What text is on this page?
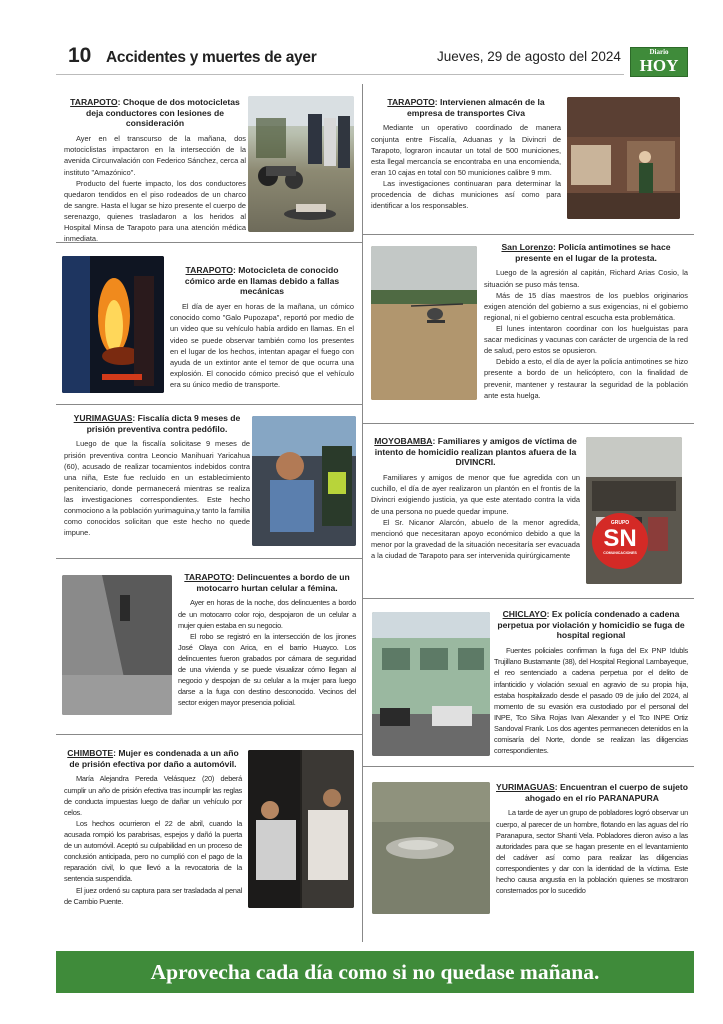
10 Accidentes y muertes de ayer	Jueves, 29 de agosto del 2024	Diario
HOY
TARAPOTO: Choque de dos motocicletas deja conductores con lesiones de consideración

Ayer en el transcurso de la mañana, dos motociclistas impactaron en la intersección de la avenida Circunvalación con Federico Sánchez, cerca al instituto "Amazónico".

Producto del fuerte impacto, los dos conductores quedaron tendidos en el piso rodeados de un charco de sangre. Hasta el lugar se hizo presente el cuerpo de serenazgo, quienes trasladaron a los heridos al Hospital Minsa de Tarapoto para una atención médica inmediata.

TARAPOTO: Motocicleta de conocido cómico arde en llamas debido a fallas mecánicas

El día de ayer en horas de la mañana, un cómico conocido como "Galo Pupozapa", reportó por medio de un video que su vehículo había ardido en llamas. En el video se puede observar también como los presentes en el lugar de los hechos, intentan apagar el fuego con ayuda de un extintor ante el temor de que ocurra una explosión. El conocido cómico precisó que el vehículo era su único medio de transporte.

YURIMAGUAS: Fiscalía dicta 9 meses de prisión preventiva contra pedófilo.

Luego de que la fiscalía solicitase 9 meses de prisión preventiva contra Leoncio Manihuari Yaricahua (60), acusado de realizar tocamientos indebidos contra una niña, Este fue recluido en un establecimiento penitenciario, donde permanecerá mientras se realiza las investigaciones correspondientes. Este hecho conmociono a la población yurimaguina,y tanto la familia como conocidos solicitan que este hecho no quede impune.

TARAPOTO: Delincuentes a bordo de un motocarro hurtan celular a fémina.

Ayer en horas de la noche, dos delincuentes a bordo de un motocarro color rojo, despojaron de un celular a mujer quien estaba en su negocio.

El robo se registró en la intersección de los jirones José Olaya con Arica, en el barrio Huayco. Los delincuentes fueron grabados por cámara de seguridad de una vivienda y se puede visualizar cómo llegan al negocio y despojan de su celular a la mujer para luego darse a la fuga con destino desconocido. Vecinos del sector exigen mayor presencia policial.

CHIMBOTE: Mujer es condenada a un año de prisión efectiva por daño a automóvil.

María Alejandra Pereda Velásquez (20) deberá cumplir un año de prisión efectiva tras incumplir las reglas de conducta impuestas luego de dañar un vehículo por celos.

Los hechos ocurrieron el 22 de abril, cuando la acusada rompió los parabrisas, espejos y dañó la puerta de un automóvil. Aceptó su culpabilidad en un proceso de conclusión anticipada, pero no cumplió con el pago de la reparación civil, lo que llevó a la revocatoria de la sentencia suspendida.

El juez ordenó su captura para ser trasladada al penal de Cambio Puente.

TARAPOTO: Intervienen almacén de la empresa de transportes Civa

Mediante un operativo coordinado de manera conjunta entre Fiscalía, Aduanas y la Divincri de Tarapoto, lograron incautar un total de 500 municiones, esta llegal mercancía se encontraba en una encomienda, eran 10 cajas en total con 50 municiones calibre 9 mm.

Las investigaciones continuaran para determinar la procedencia de dichas municiones así como para identificar a los responsables.

San Lorenzo: Policía antimotines se hace presente en el lugar de la protesta.

Luego de la agresión al capitán, Richard Arias Cosio, la situación se puso más tensa.

Más de 15 días maestros de los pueblos originarios exigen atención del gobierno a sus exigencias, ni el gobierno regional, ni el gobierno central escucha esta problemática.

El lunes intentaron coordinar con los huelguistas para sacar medicinas y vacunas con carácter de urgencia de la red de salud, pero estos se opusieron.

Debido a esto, el día de ayer la policía antimotines se hizo presente a bordo de un helicóptero, con la finalidad de prevenir, mantener y restaurar la seguridad de la población ante esta huelga.

MOYOBAMBA: Familiares y amigos de víctima de intento de homicidio realizan plantos afuera de la DIVINCRI.

Familiares y amigos de menor que fue agredida con un cuchillo, el día de ayer realizaron un plantón en el frontis de la Divincri exigiendo justicia, ya que este atentado contra la vida de una persona no puede quedar impune.

El Sr. Nicanor Alarcón, abuelo de la menor agredida, mencionó que necesitaran apoyo económico debido a que la menor por la gravedad de la situación necesitaría ser evacuada a la ciudad de Tarapoto para ser intervenida quirúrgicamente

GRUPO
SN
COMUNICACIONES
CHICLAYO: Ex policía condenado a cadena perpetua por violación y homicidio se fuga de hospital regional

Fuentes policiales confirman la fuga del Ex PNP Idubls Trujillano Bustamante (38), del Hospital Regional Lambayeque, el reo sentenciado a cadena perpetua por el delito de infanticidio y violación sexual en agravio de su propia hija, estaba hospitalizado desde el pasado 09 de julio del 2024, al momento de su evasión era custodiado por el personal del INPE, Tco Silva Rojas Ivan Alexander y el Tco INPE Ortiz Sandoval Frank. Los dos agentes permanecen detenidos en la comisaría del Norte, donde se realizan las diligencias correspondientes.

YURIMAGUAS: Encuentran el cuerpo de sujeto ahogado en el río PARANAPURA

La tarde de ayer un grupo de pobladores logró observar un cuerpo, al parecer de un hombre, flotando en las aguas del río Paranapura, sector Shanti Vela. Pobladores dieron aviso a las autoridades para que se hagan presente en el levantamiento del cadáver así como para realizar las diligencias correspondientes y dar con la identidad de la víctima. Este hecho causa angustia en la población quienes se mostraron consternados por lo sucedido

Aprovecha cada día como si no quedase mañana.
